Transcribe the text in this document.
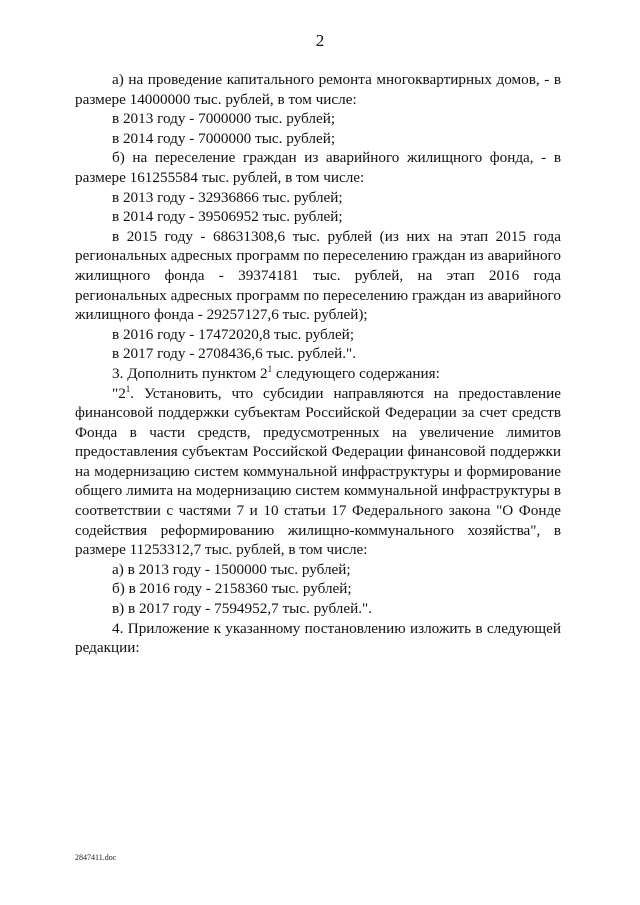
2

а) на проведение капитального ремонта многоквартирных домов, - в размере 14000000 тыс. рублей, в том числе:

в 2013 году - 7000000 тыс. рублей;

в 2014 году - 7000000 тыс. рублей;

б) на переселение граждан из аварийного жилищного фонда, - в размере 161255584 тыс. рублей, в том числе:

в 2013 году - 32936866 тыс. рублей;

в 2014 году - 39506952 тыс. рублей;

в 2015 году - 68631308,6 тыс. рублей (из них на этап 2015 года региональных адресных программ по переселению граждан из аварийного жилищного фонда - 39374181 тыс. рублей, на этап 2016 года региональных адресных программ по переселению граждан из аварийного жилищного фонда - 29257127,6 тыс. рублей);

в 2016 году - 17472020,8 тыс. рублей;

в 2017 году - 2708436,6 тыс. рублей.".

3. Дополнить пунктом $2^1$ следующего содержания:

"$2^1$. Установить, что субсидии направляются на предоставление финансовой поддержки субъектам Российской Федерации за счет средств Фонда в части средств, предусмотренных на увеличение лимитов предоставления субъектам Российской Федерации финансовой поддержки на модернизацию систем коммунальной инфраструктуры и формирование общего лимита на модернизацию систем коммунальной инфраструктуры в соответствии с частями 7 и 10 статьи 17 Федерального закона "О Фонде содействия реформированию жилищно-коммунального хозяйства", в размере 11253312,7 тыс. рублей, в том числе:

а) в 2013 году - 1500000 тыс. рублей;

б) в 2016 году - 2158360 тыс. рублей;

в) в 2017 году - 7594952,7 тыс. рублей.".

4. Приложение к указанному постановлению изложить в следующей редакции:

2847411.doc
